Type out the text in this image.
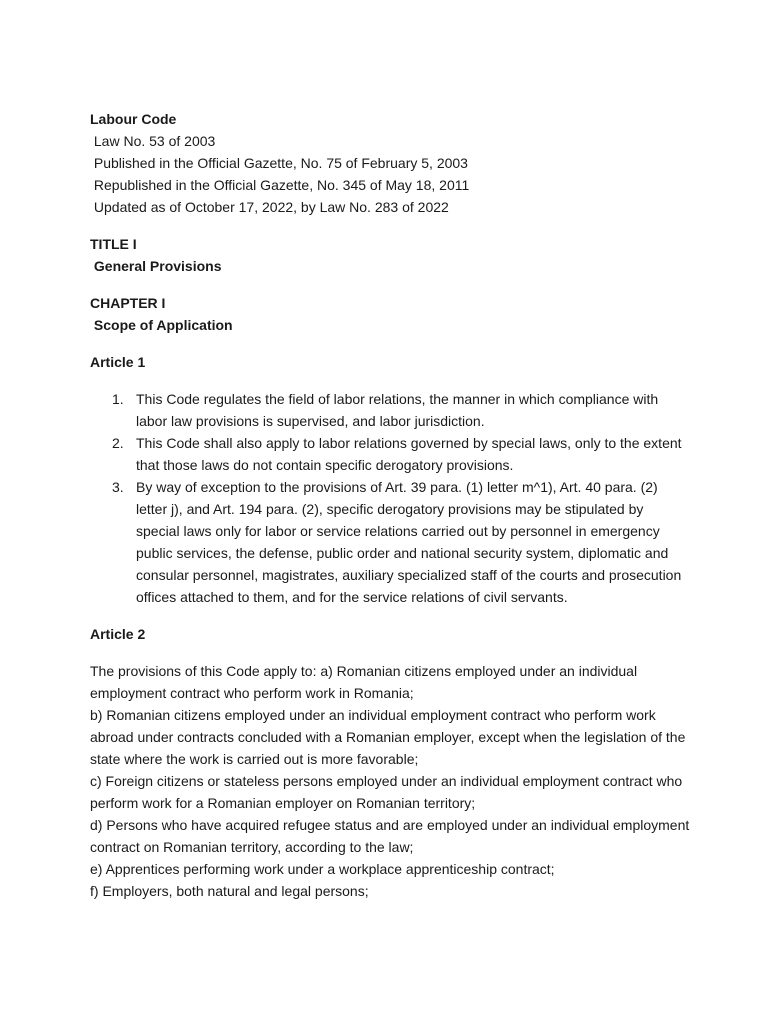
Labour Code
Law No. 53 of 2003
Published in the Official Gazette, No. 75 of February 5, 2003
Republished in the Official Gazette, No. 345 of May 18, 2011
Updated as of October 17, 2022, by Law No. 283 of 2022
TITLE I
General Provisions
CHAPTER I
Scope of Application
Article 1
1. This Code regulates the field of labor relations, the manner in which compliance with labor law provisions is supervised, and labor jurisdiction.
2. This Code shall also apply to labor relations governed by special laws, only to the extent that those laws do not contain specific derogatory provisions.
3. By way of exception to the provisions of Art. 39 para. (1) letter m^1), Art. 40 para. (2) letter j), and Art. 194 para. (2), specific derogatory provisions may be stipulated by special laws only for labor or service relations carried out by personnel in emergency public services, the defense, public order and national security system, diplomatic and consular personnel, magistrates, auxiliary specialized staff of the courts and prosecution offices attached to them, and for the service relations of civil servants.
Article 2
The provisions of this Code apply to: a) Romanian citizens employed under an individual employment contract who perform work in Romania;
b) Romanian citizens employed under an individual employment contract who perform work abroad under contracts concluded with a Romanian employer, except when the legislation of the state where the work is carried out is more favorable;
c) Foreign citizens or stateless persons employed under an individual employment contract who perform work for a Romanian employer on Romanian territory;
d) Persons who have acquired refugee status and are employed under an individual employment contract on Romanian territory, according to the law;
e) Apprentices performing work under a workplace apprenticeship contract;
f) Employers, both natural and legal persons;
